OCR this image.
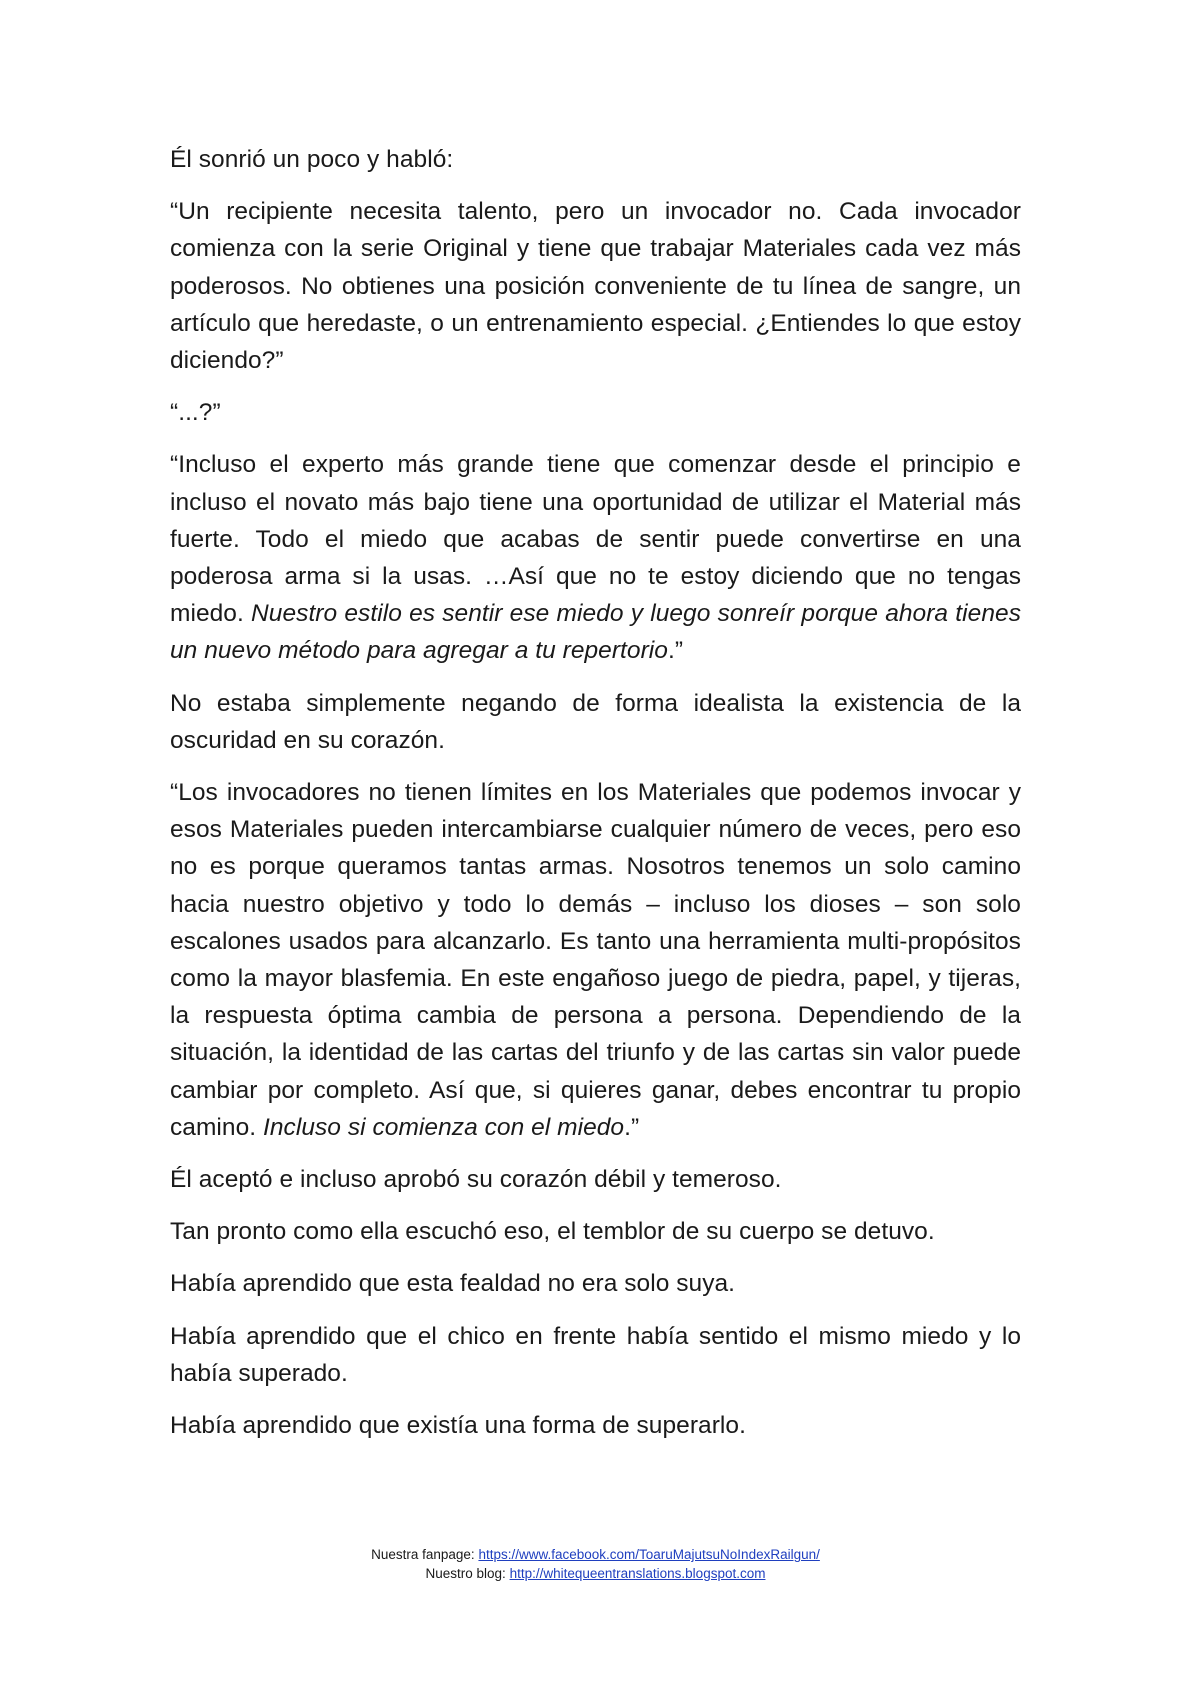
Él sonrió un poco y habló:

“Un recipiente necesita talento, pero un invocador no. Cada invocador comienza con la serie Original y tiene que trabajar Materiales cada vez más poderosos. No obtienes una posición conveniente de tu línea de sangre, un artículo que heredaste, o un entrenamiento especial. ¿Entiendes lo que estoy diciendo?”

“...?”

“Incluso el experto más grande tiene que comenzar desde el principio e incluso el novato más bajo tiene una oportunidad de utilizar el Material más fuerte. Todo el miedo que acabas de sentir puede convertirse en una poderosa arma si la usas. …Así que no te estoy diciendo que no tengas miedo. Nuestro estilo es sentir ese miedo y luego sonreír porque ahora tienes un nuevo método para agregar a tu repertorio.”

No estaba simplemente negando de forma idealista la existencia de la oscuridad en su corazón.

“Los invocadores no tienen límites en los Materiales que podemos invocar y esos Materiales pueden intercambiarse cualquier número de veces, pero eso no es porque queramos tantas armas. Nosotros tenemos un solo camino hacia nuestro objetivo y todo lo demás – incluso los dioses – son solo escalones usados para alcanzarlo. Es tanto una herramienta multi-propósitos como la mayor blasfemia. En este engañoso juego de piedra, papel, y tijeras, la respuesta óptima cambia de persona a persona. Dependiendo de la situación, la identidad de las cartas del triunfo y de las cartas sin valor puede cambiar por completo. Así que, si quieres ganar, debes encontrar tu propio camino. Incluso si comienza con el miedo.”

Él aceptó e incluso aprobó su corazón débil y temeroso.

Tan pronto como ella escuchó eso, el temblor de su cuerpo se detuvo.

Había aprendido que esta fealdad no era solo suya.

Había aprendido que el chico en frente había sentido el mismo miedo y lo había superado.

Había aprendido que existía una forma de superarlo.

Nuestra fanpage: https://www.facebook.com/ToaruMajutsuNoIndexRailgun/
Nuestro blog: http://whitequeentranslations.blogspot.com
